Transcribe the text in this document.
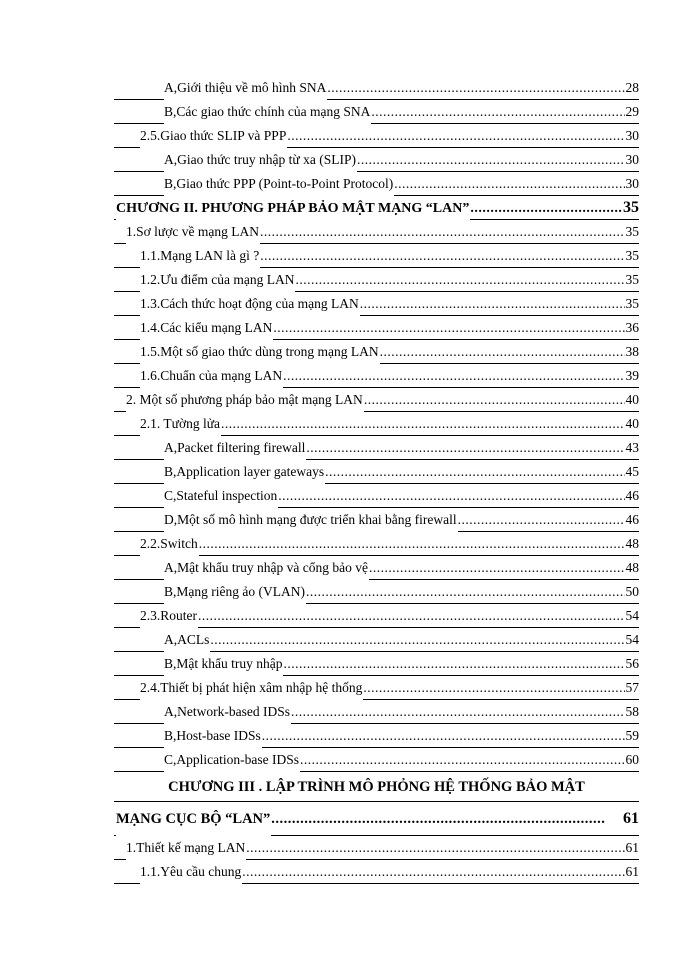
A,Giới thiệu về mô hình SNA .....	28
B,Các giao thức chính của mạng SNA .....	29
2.5.Giao thức SLIP và PPP .....	30
A,Giao thức truy nhập từ xa (SLIP) .....	30
B,Giao thức PPP (Point-to-Point Protocol) .....	30
CHƯƠNG II. PHƯƠNG PHÁP BẢO MẬT MẠNG “LAN” .....	35
1.Sơ lược về mạng LAN .....	35
1.1.Mạng LAN là gì ? .....	35
1.2.Ưu điểm của mạng LAN .....	35
1.3.Cách thức hoạt động của mạng LAN .....	35
1.4.Các kiểu mạng LAN .....	36
1.5.Một số giao thức dùng trong mạng LAN .....	38
1.6.Chuẩn của mạng LAN .....	39
2. Một số phương pháp bảo mật mạng LAN .....	40
2.1. Tường lửa .....	40
A,Packet filtering firewall .....	43
B,Application layer gateways .....	45
C,Stateful inspection .....	46
D,Một số mô hình mạng được triển khai bằng firewall .....	46
2.2.Switch .....	48
A,Mật khẩu truy nhập và cổng bảo vệ .....	48
B,Mạng riêng ảo (VLAN) .....	50
2.3.Router .....	54
A,ACLs .....	54
B,Mật khẩu truy nhập .....	56
2.4.Thiết bị phát hiện xâm nhập hệ thống .....	57
A,Network-based IDSs .....	58
B,Host-base IDSs .....	59
C,Application-base IDSs .....	60
CHƯƠNG III . LẬP TRÌNH MÔ PHỎNG HỆ THỐNG BẢO MẬT
MẠNG CỤC BỘ “LAN” .....	61
1.Thiết kế mạng LAN .....	61
1.1.Yêu cầu chung .....	61
